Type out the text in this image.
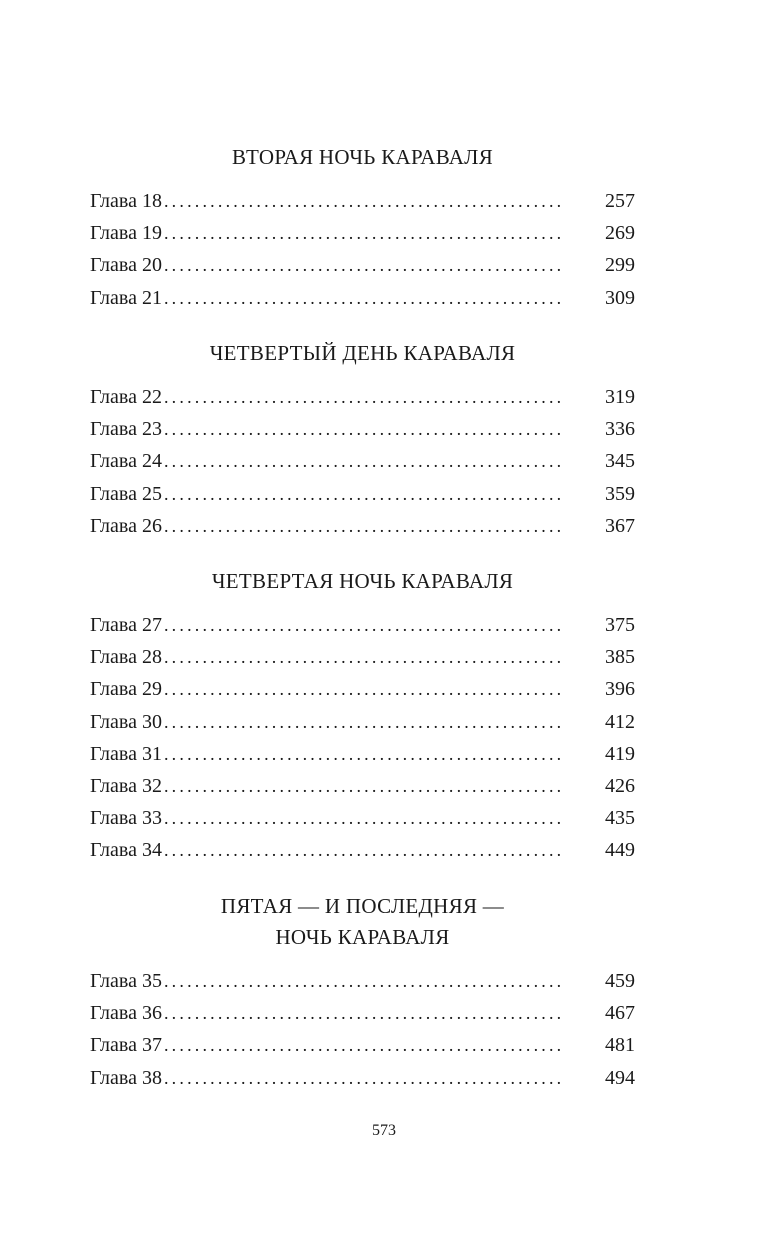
ВТОРАЯ НОЧЬ КАРАВАЛЯ
Глава 18 . . .	257
Глава 19 . . .	269
Глава 20 . . .	299
Глава 21 . . .	309
ЧЕТВЕРТЫЙ ДЕНЬ КАРАВАЛЯ
Глава 22 . . .	319
Глава 23 . . .	336
Глава 24 . . .	345
Глава 25 . . .	359
Глава 26 . . .	367
ЧЕТВЕРТАЯ НОЧЬ КАРАВАЛЯ
Глава 27 . . .	375
Глава 28 . . .	385
Глава 29 . . .	396
Глава 30 . . .	412
Глава 31 . . .	419
Глава 32 . . .	426
Глава 33 . . .	435
Глава 34 . . .	449
ПЯТАЯ — И ПОСЛЕДНЯЯ —
НОЧЬ КАРАВАЛЯ
Глава 35 . . .	459
Глава 36 . . .	467
Глава 37 . . .	481
Глава 38 . . .	494
573
